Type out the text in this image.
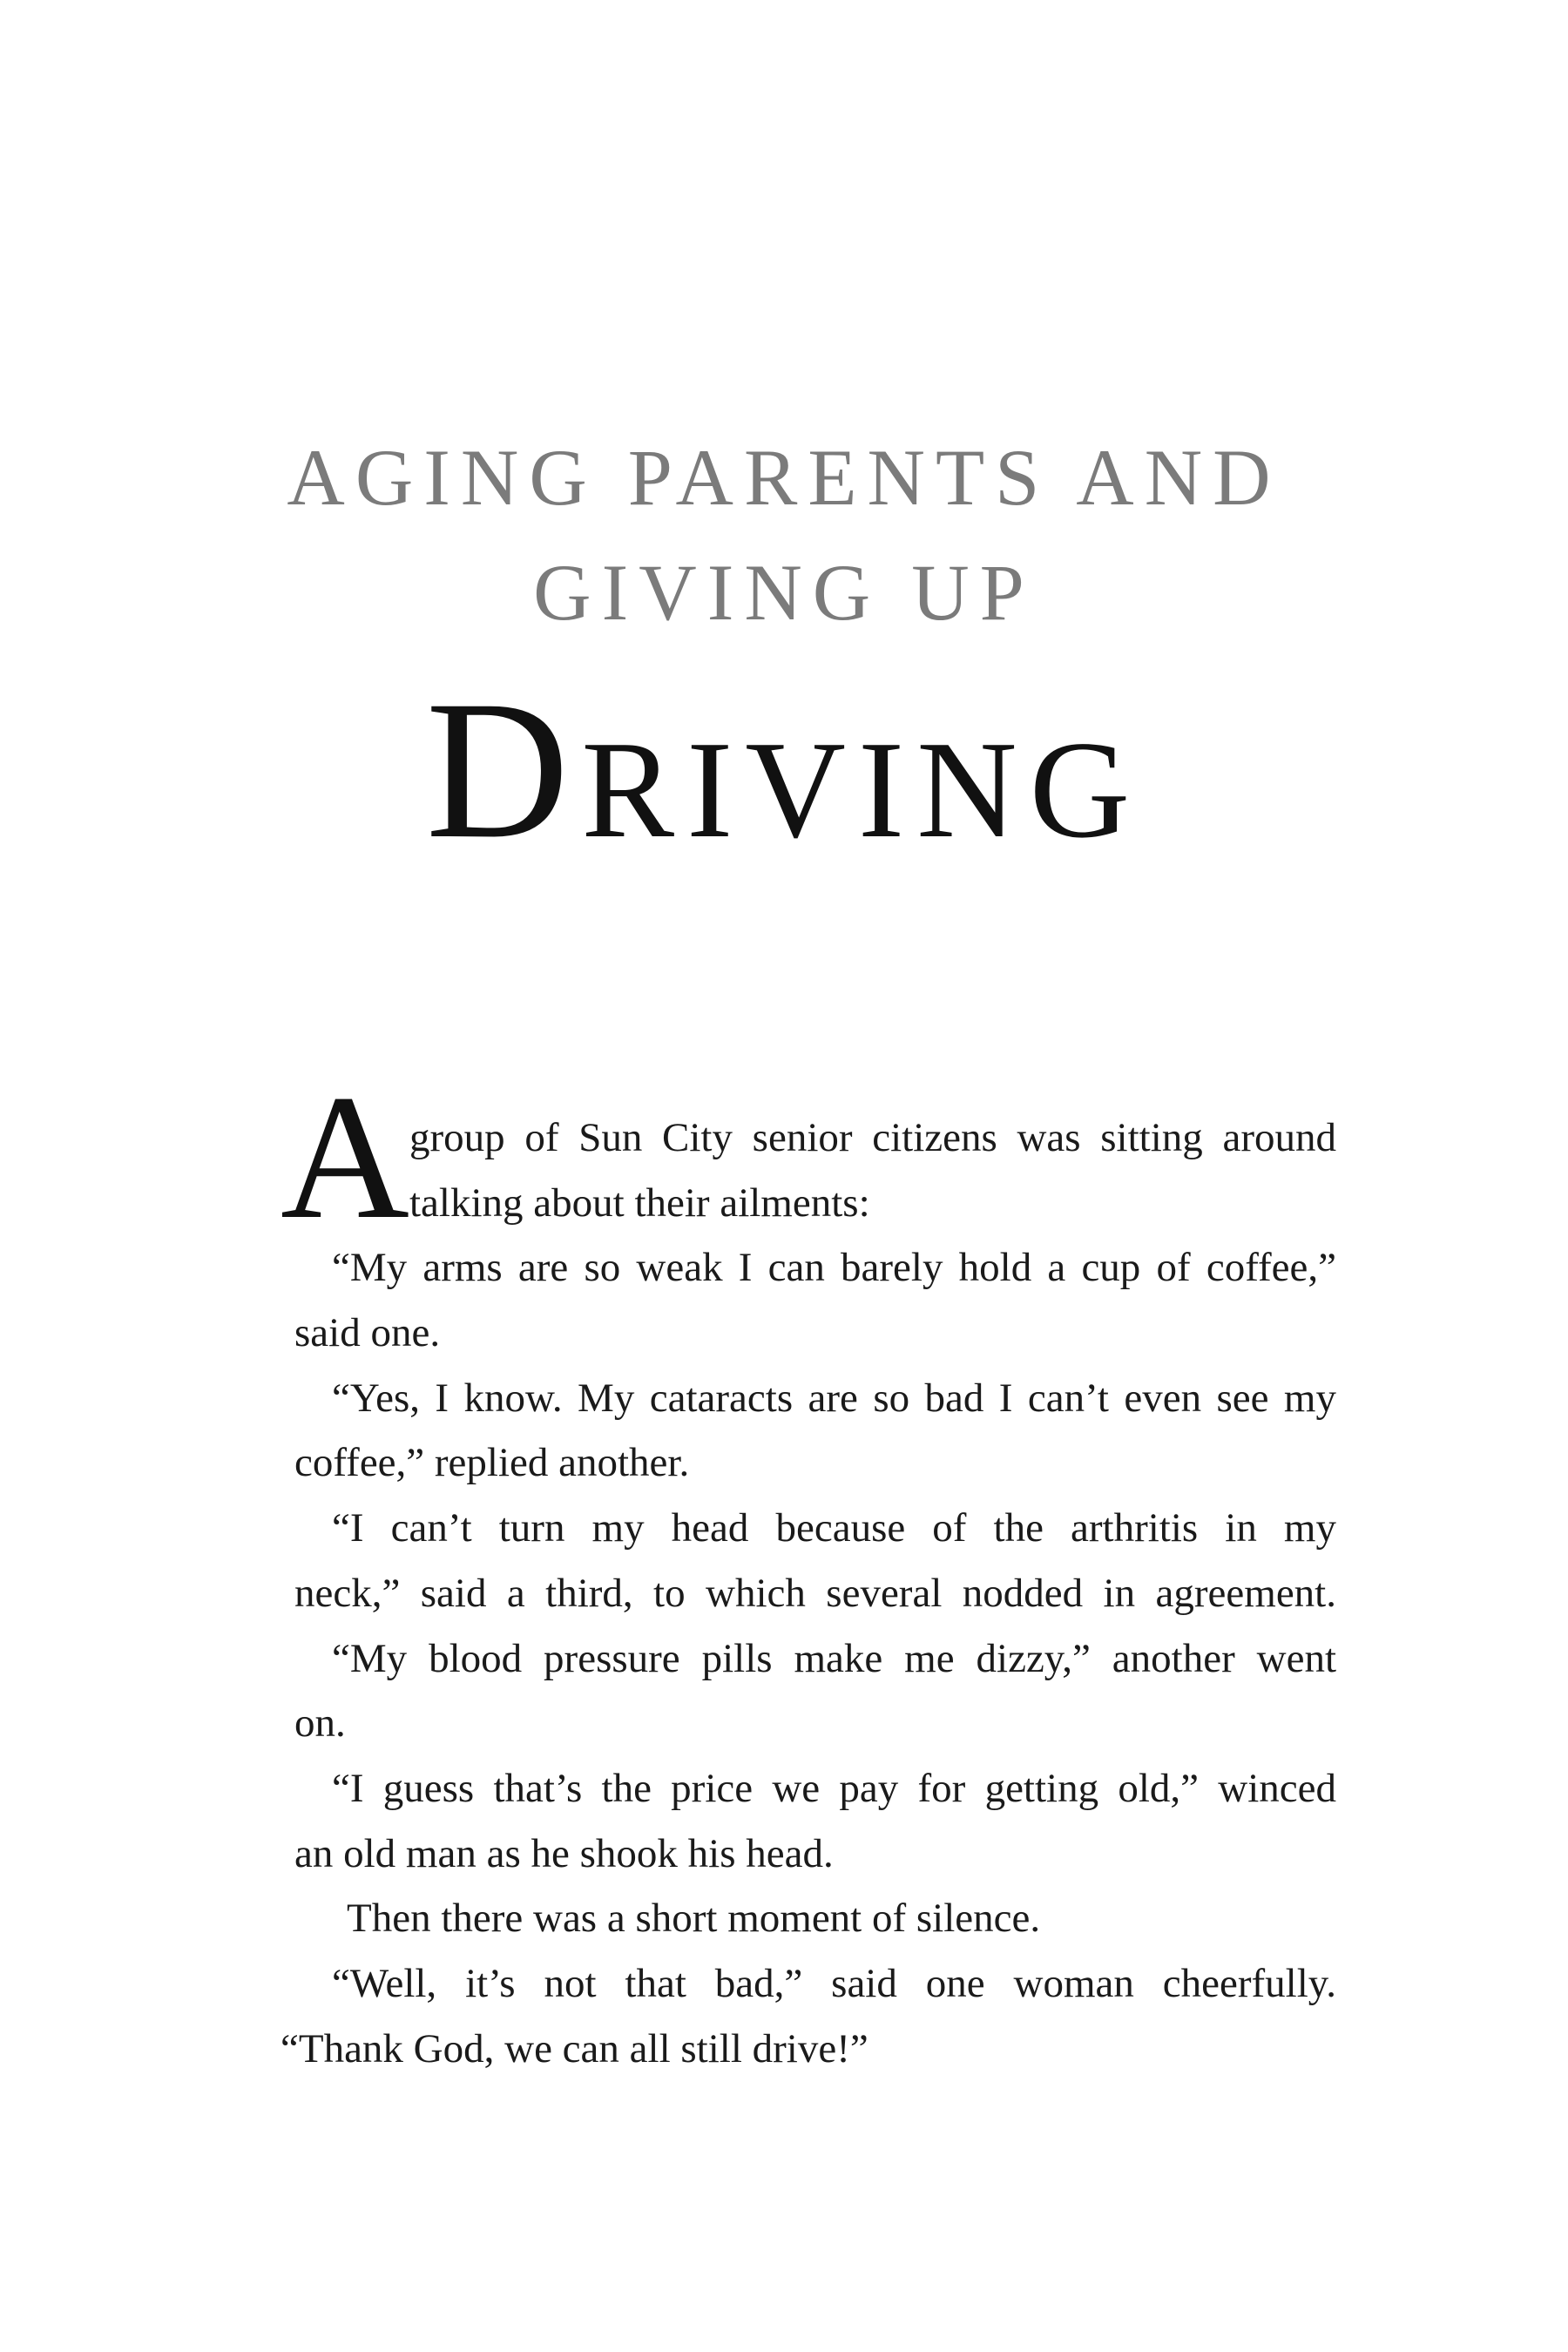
AGING PARENTS AND
GIVING UP
Driving
A group of Sun City senior citizens was sitting around
talking about their ailments:
“My arms are so weak I can barely hold a cup of coffee,”
said one.
“Yes, I know. My cataracts are so bad I can’t even see my
coffee,” replied another.
“I can’t turn my head because of the arthritis in my
neck,” said a third, to which several nodded in agreement.
“My blood pressure pills make me dizzy,” another went
on.
“I guess that’s the price we pay for getting old,” winced
an old man as he shook his head.
Then there was a short moment of silence.
“Well, it’s not that bad,” said one woman cheerfully.
“Thank God, we can all still drive!”
